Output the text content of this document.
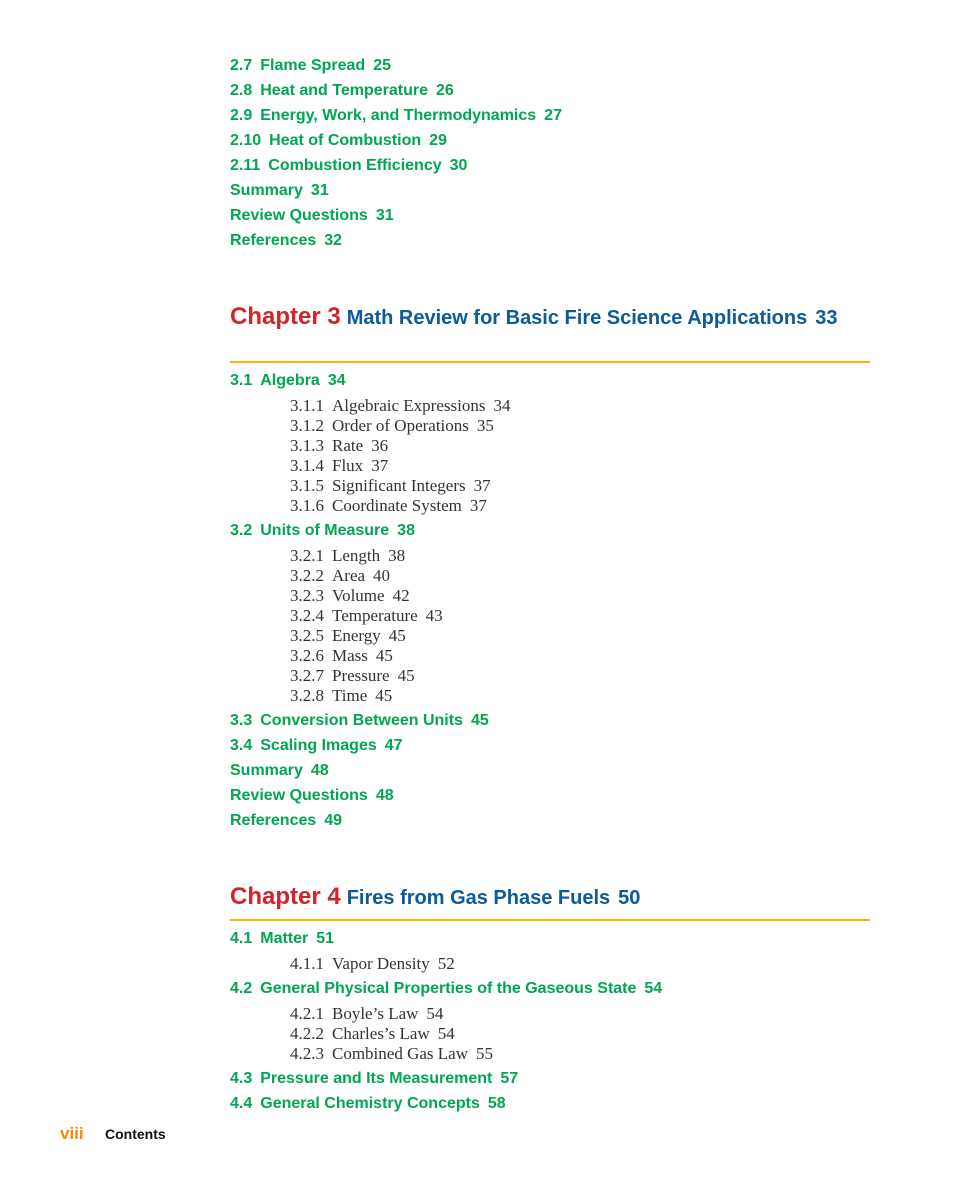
2.7 Flame Spread 25
2.8 Heat and Temperature 26
2.9 Energy, Work, and Thermodynamics 27
2.10 Heat of Combustion 29
2.11 Combustion Efficiency 30
Summary 31
Review Questions 31
References 32
Chapter 3 Math Review for Basic Fire Science Applications 33
3.1 Algebra 34
3.1.1 Algebraic Expressions 34
3.1.2 Order of Operations 35
3.1.3 Rate 36
3.1.4 Flux 37
3.1.5 Significant Integers 37
3.1.6 Coordinate System 37
3.2 Units of Measure 38
3.2.1 Length 38
3.2.2 Area 40
3.2.3 Volume 42
3.2.4 Temperature 43
3.2.5 Energy 45
3.2.6 Mass 45
3.2.7 Pressure 45
3.2.8 Time 45
3.3 Conversion Between Units 45
3.4 Scaling Images 47
Summary 48
Review Questions 48
References 49
Chapter 4 Fires from Gas Phase Fuels 50
4.1 Matter 51
4.1.1 Vapor Density 52
4.2 General Physical Properties of the Gaseous State 54
4.2.1 Boyle’s Law 54
4.2.2 Charles’s Law 54
4.2.3 Combined Gas Law 55
4.3 Pressure and Its Measurement 57
4.4 General Chemistry Concepts 58
viii Contents
